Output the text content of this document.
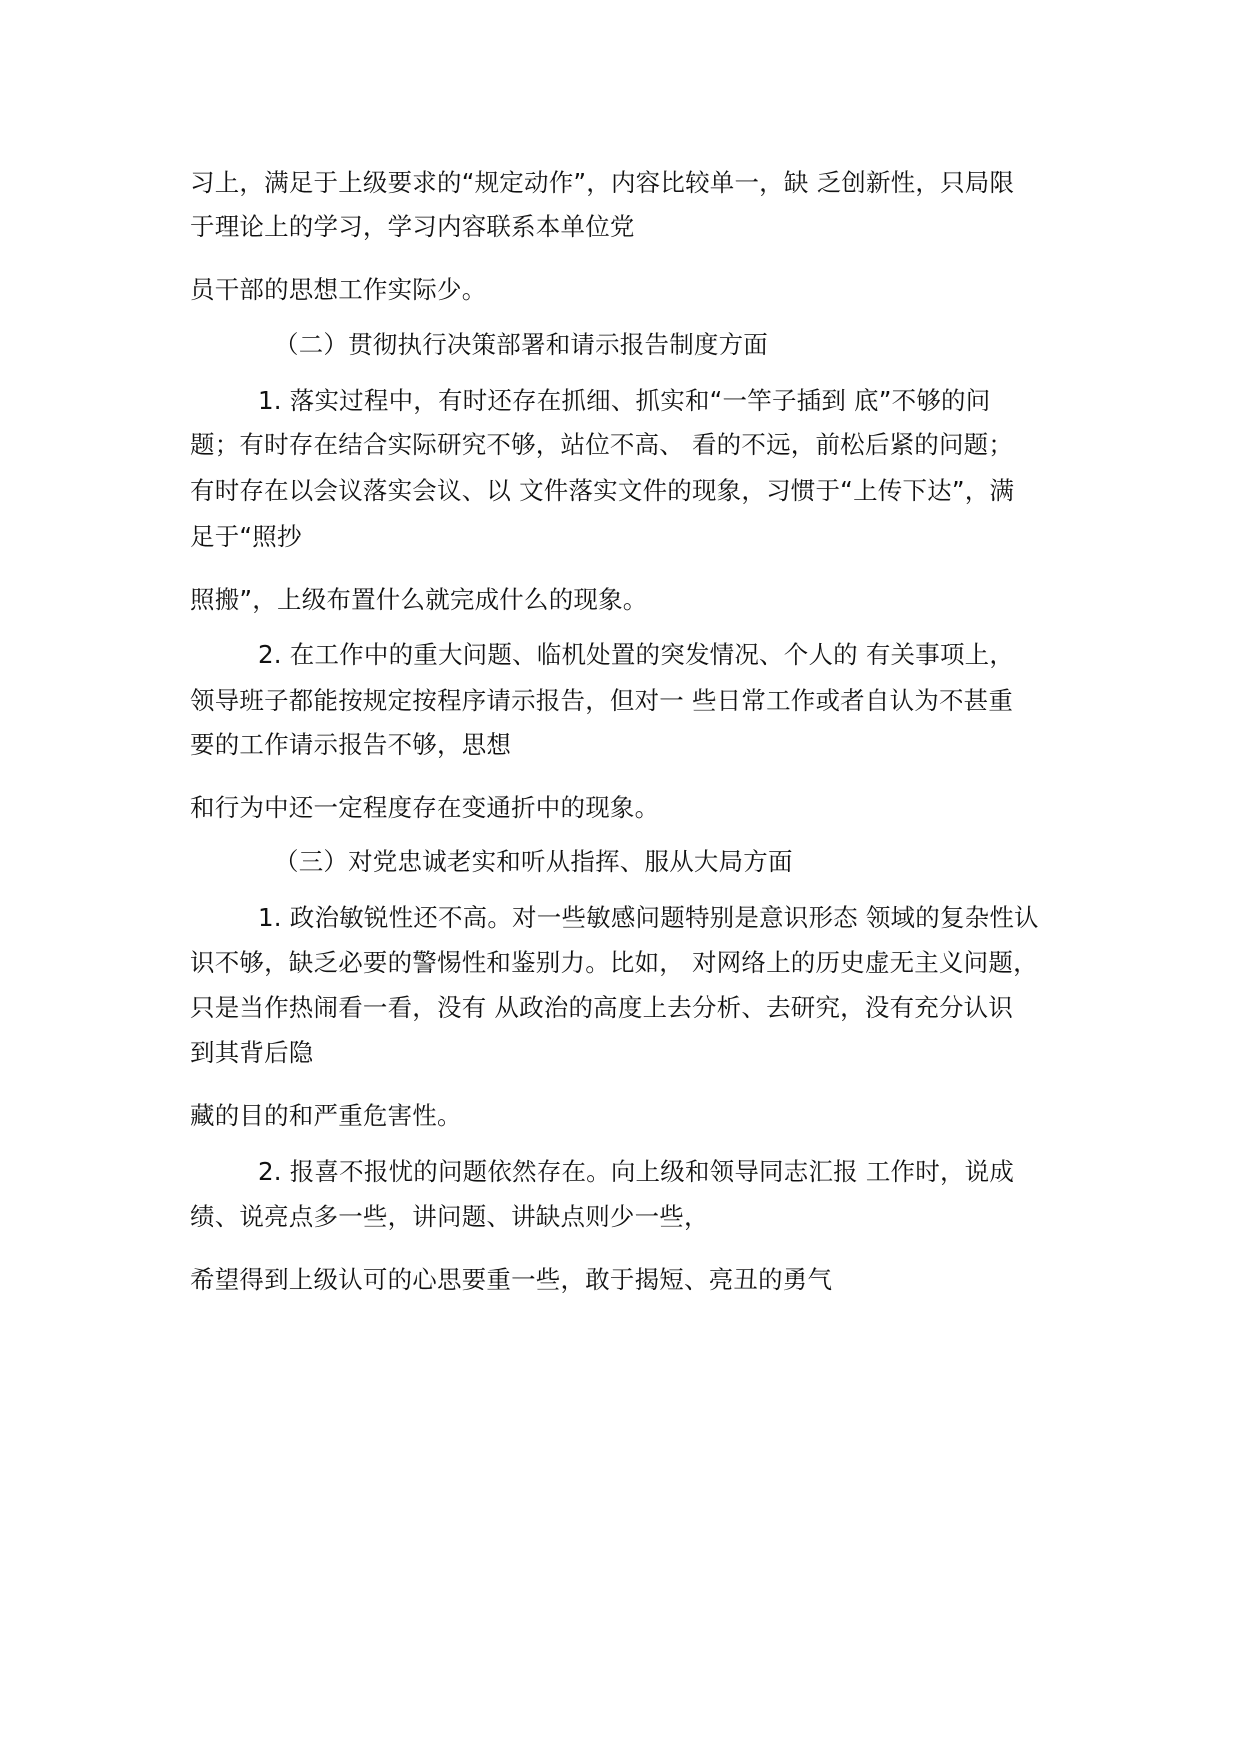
习上，满足于上级要求的“规定动作”，内容比较单一，缺 乏创新性，只局限
于理论上的学习，学习内容联系本单位党
员干部的思想工作实际少。
（二）贯彻执行决策部署和请示报告制度方面
1. 落实过程中，有时还存在抓细、抓实和“一竿子插到 底”不够的问
题；有时存在结合实际研究不够，站位不高、 看的不远，前松后紧的问题；
有时存在以会议落实会议、以 文件落实文件的现象，习惯于“上传下达”，满
足于“照抄
照搬”，上级布置什么就完成什么的现象。
2. 在工作中的重大问题、临机处置的突发情况、个人的 有关事项上，
领导班子都能按规定按程序请示报告，但对一 些日常工作或者自认为不甚重
要的工作请示报告不够，思想
和行为中还一定程度存在变通折中的现象。
（三）对党忠诚老实和听从指挥、服从大局方面
1. 政治敏锐性还不高。对一些敏感问题特别是意识形态 领域的复杂性认
识不够，缺乏必要的警惕性和鉴别力。比如， 对网络上的历史虚无主义问题，
只是当作热闹看一看，没有 从政治的高度上去分析、去研究，没有充分认识
到其背后隐
藏的目的和严重危害性。
2. 报喜不报忧的问题依然存在。向上级和领导同志汇报 工作时，说成
绩、说亮点多一些，讲问题、讲缺点则少一些，
希望得到上级认可的心思要重一些，敢于揭短、亮丑的勇气
